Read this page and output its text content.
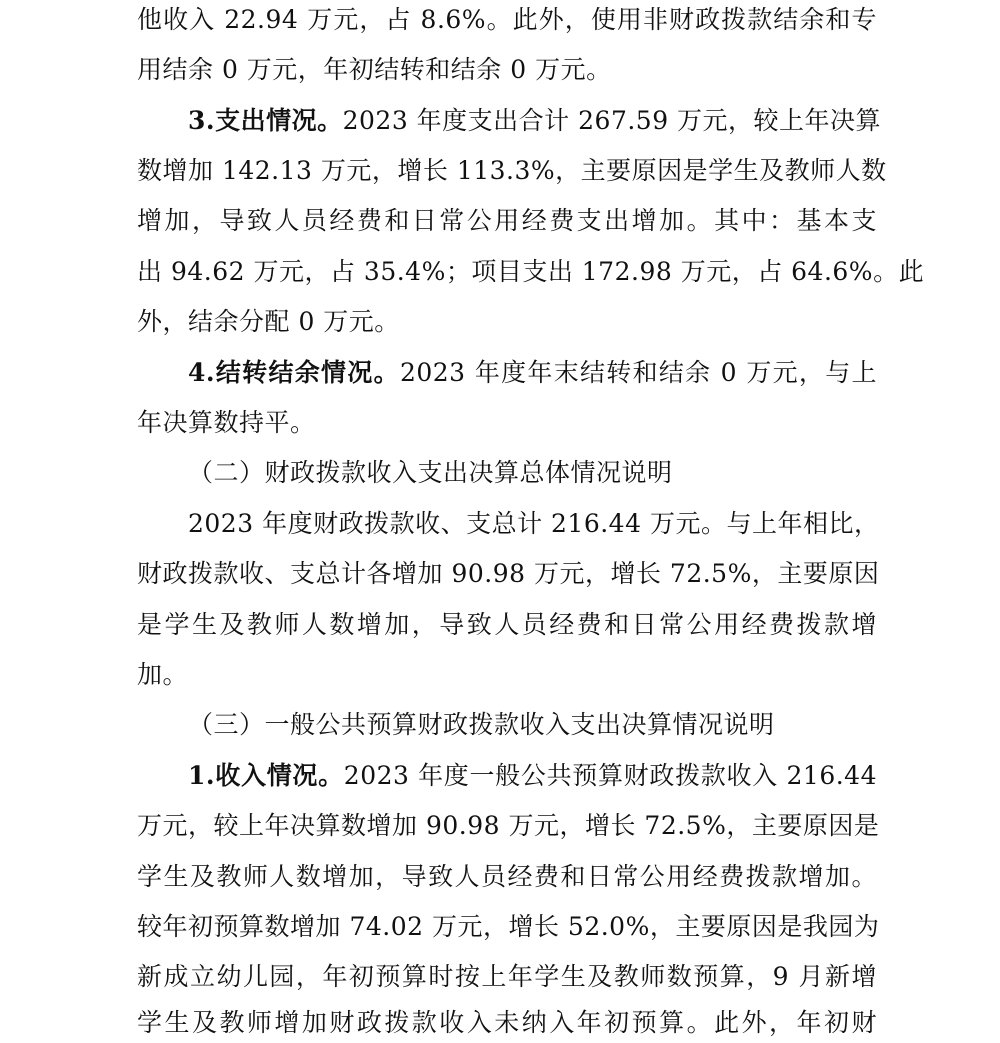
他收入 22.94 万元，占 8.6%。此外，使用非财政拨款结余和专
用结余 0 万元，年初结转和结余 0 万元。
3.支出情况。2023 年度支出合计 267.59 万元，较上年决算
数增加 142.13 万元，增长 113.3%，主要原因是学生及教师人数
增加，导致人员经费和日常公用经费支出增加。其中：基本支
出 94.62 万元，占 35.4%；项目支出 172.98 万元，占 64.6%。此
外，结余分配 0 万元。
4.结转结余情况。2023 年度年末结转和结余 0 万元，与上
年决算数持平。
（二）财政拨款收入支出决算总体情况说明
2023 年度财政拨款收、支总计 216.44 万元。与上年相比，
财政拨款收、支总计各增加 90.98 万元，增长 72.5%，主要原因
是学生及教师人数增加，导致人员经费和日常公用经费拨款增
加。
（三）一般公共预算财政拨款收入支出决算情况说明
1.收入情况。2023 年度一般公共预算财政拨款收入 216.44
万元，较上年决算数增加 90.98 万元，增长 72.5%，主要原因是
学生及教师人数增加，导致人员经费和日常公用经费拨款增加。
较年初预算数增加 74.02 万元，增长 52.0%，主要原因是我园为
新成立幼儿园，年初预算时按上年学生及教师数预算，9 月新增
学生及教师增加财政拨款收入未纳入年初预算。此外，年初财
